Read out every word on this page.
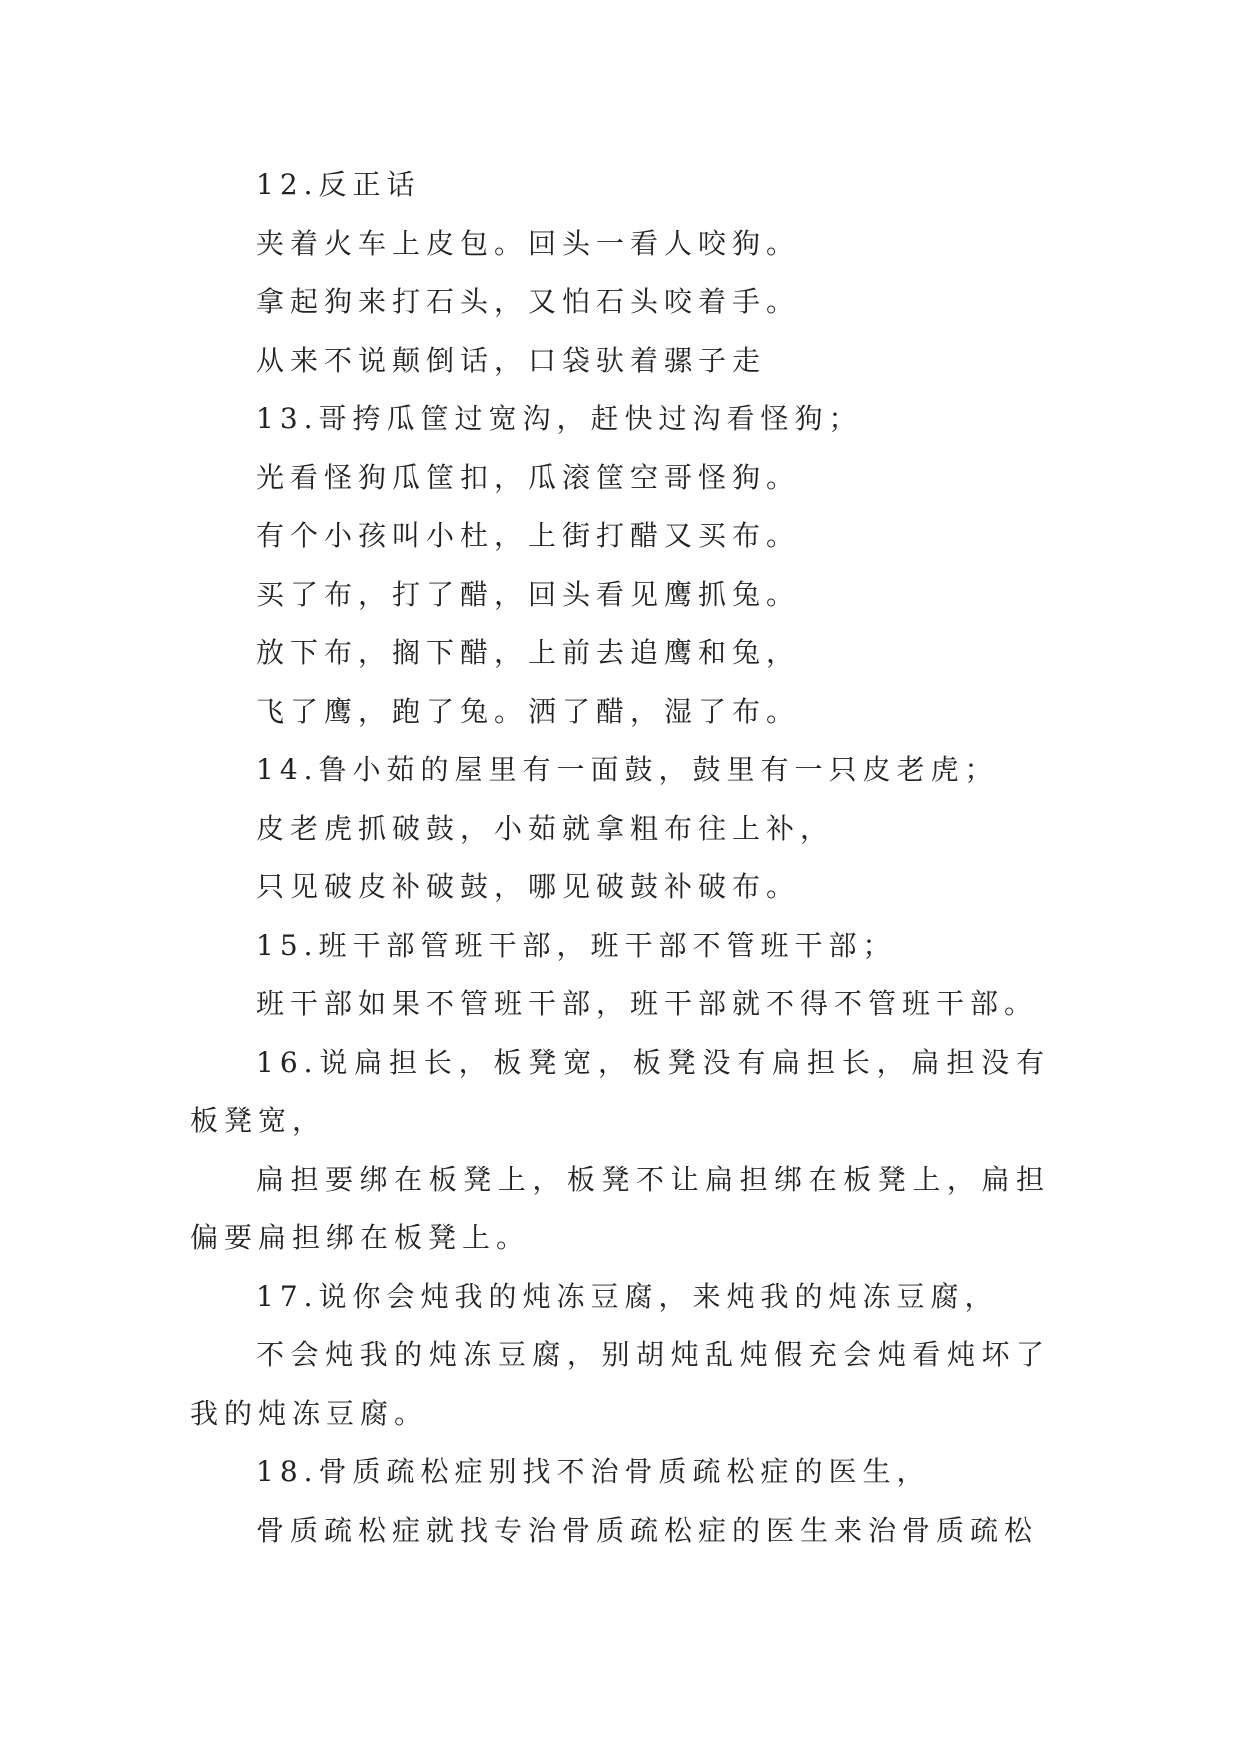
12.反正话

夹着火车上皮包。回头一看人咬狗。

拿起狗来打石头，又怕石头咬着手。

从来不说颠倒话，口袋驮着骡子走

13.哥挎瓜筐过宽沟，赶快过沟看怪狗；

光看怪狗瓜筐扣，瓜滚筐空哥怪狗。

有个小孩叫小杜，上街打醋又买布。

买了布，打了醋，回头看见鹰抓兔。

放下布，搁下醋，上前去追鹰和兔，

飞了鹰，跑了兔。洒了醋，湿了布。

14.鲁小茹的屋里有一面鼓，鼓里有一只皮老虎；

皮老虎抓破鼓，小茹就拿粗布往上补，

只见破皮补破鼓，哪见破鼓补破布。

15.班干部管班干部，班干部不管班干部；

班干部如果不管班干部，班干部就不得不管班干部。

16.说扁担长，板凳宽，板凳没有扁担长，扁担没有板凳宽，

扁担要绑在板凳上，板凳不让扁担绑在板凳上，扁担偏要扁担绑在板凳上。

17.说你会炖我的炖冻豆腐，来炖我的炖冻豆腐，

不会炖我的炖冻豆腐，别胡炖乱炖假充会炖看炖坏了我的炖冻豆腐。

18.骨质疏松症别找不治骨质疏松症的医生，

骨质疏松症就找专治骨质疏松症的医生来治骨质疏松
